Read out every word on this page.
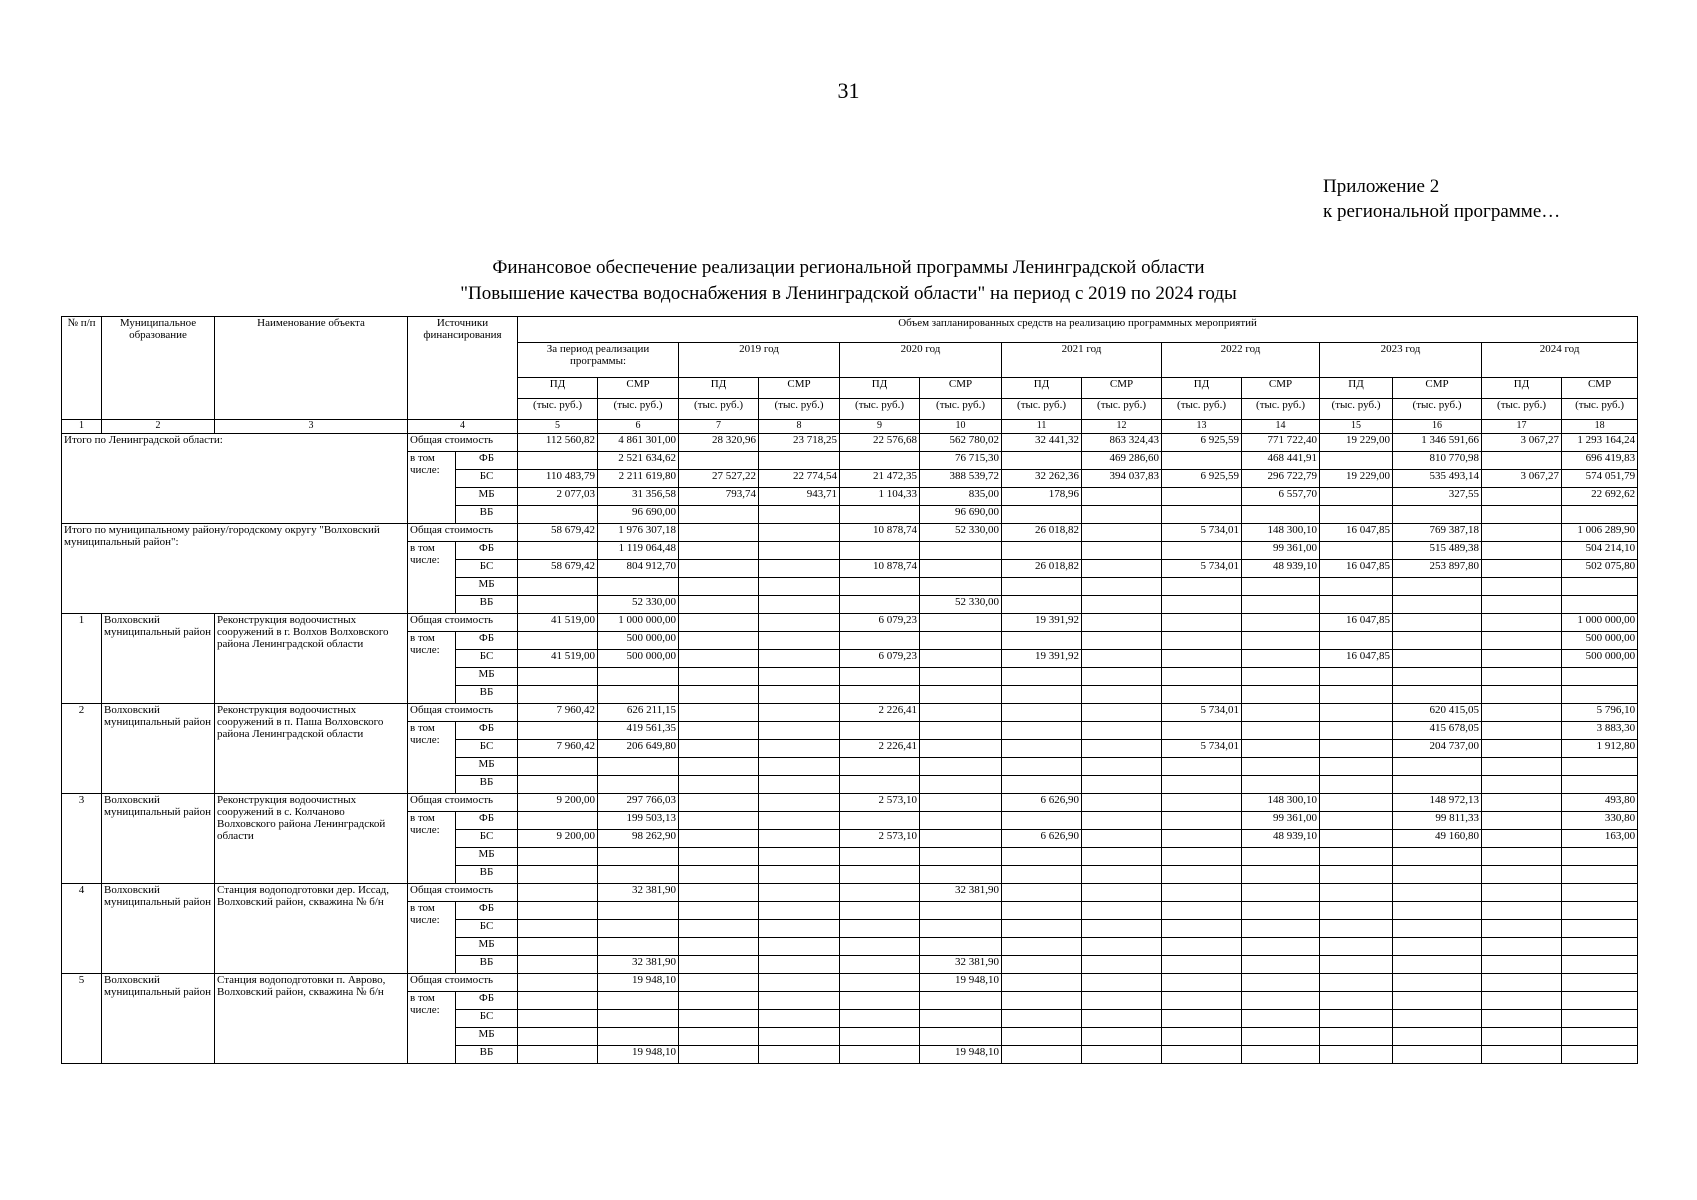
31
Приложение 2
к региональной программе…
Финансовое обеспечение реализации региональной программы Ленинградской области
"Повышение качества водоснабжения в Ленинградской области" на период с 2019 по 2024 годы
№ п/п	Муниципальное образование	Наименование объекта	Источники финансирования		Объем запланированных средств на реализацию программных мероприятий													
					За период реализации программы:		2019 год		2020 год		2021 год		2022 год		2023 год		2024 год	
					ПД	СМР	ПД	СМР	ПД	СМР	ПД	СМР	ПД	СМР	ПД	СМР	ПД	СМР
					(тыс. руб.)	(тыс. руб.)	(тыс. руб.)	(тыс. руб.)	(тыс. руб.)	(тыс. руб.)	(тыс. руб.)	(тыс. руб.)	(тыс. руб.)	(тыс. руб.)	(тыс. руб.)	(тыс. руб.)	(тыс. руб.)	(тыс. руб.)
1	2	3	4		5	6	7	8	9	10	11	12	13	14	15	16	17	18
Итого по Ленинградской области:			Общая стоимость		112 560,82	4 861 301,00	28 320,96	23 718,25	22 576,68	562 780,02	32 441,32	863 324,43	6 925,59	771 722,40	19 229,00	1 346 591,66	3 067,27	1 293 164,24
			в том числе:	ФБ		2 521 634,62				76 715,30		469 286,60		468 441,91		810 770,98		696 419,83
				БС	110 483,79	2 211 619,80	27 527,22	22 774,54	21 472,35	388 539,72	32 262,36	394 037,83	6 925,59	296 722,79	19 229,00	535 493,14	3 067,27	574 051,79
				МБ	2 077,03	31 356,58	793,74	943,71	1 104,33	835,00	178,96			6 557,70		327,55		22 692,62
				ВБ		96 690,00				96 690,00								
Итого по муниципальному району/городскому округу "Волховский муниципальный район":			Общая стоимость		58 679,42	1 976 307,18			10 878,74	52 330,00	26 018,82		5 734,01	148 300,10	16 047,85	769 387,18		1 006 289,90
			в том числе:	ФБ		1 119 064,48								99 361,00		515 489,38		504 214,10
				БС	58 679,42	804 912,70			10 878,74		26 018,82		5 734,01	48 939,10	16 047,85	253 897,80		502 075,80
				МБ														
				ВБ		52 330,00				52 330,00								
1	Волховский муниципальный район	Реконструкция водоочистных сооружений в г. Волхов Волховского района Ленинградской области	Общая стоимость		41 519,00	1 000 000,00			6 079,23		19 391,92				16 047,85			1 000 000,00
			в том числе:	ФБ		500 000,00												500 000,00
				БС	41 519,00	500 000,00			6 079,23		19 391,92				16 047,85			500 000,00
				МБ														
				ВБ														
2	Волховский муниципальный район	Реконструкция водоочистных сооружений в п. Паша Волховского района Ленинградской области	Общая стоимость		7 960,42	626 211,15			2 226,41				5 734,01			620 415,05		5 796,10
			в том числе:	ФБ		419 561,35										415 678,05		3 883,30
				БС	7 960,42	206 649,80			2 226,41				5 734,01			204 737,00		1 912,80
				МБ														
				ВБ														
3	Волховский муниципальный район	Реконструкция водоочистных сооружений в с. Колчаново Волховского района Ленинградской области	Общая стоимость		9 200,00	297 766,03			2 573,10		6 626,90			148 300,10		148 972,13		493,80
			в том числе:	ФБ		199 503,13								99 361,00		99 811,33		330,80
				БС	9 200,00	98 262,90			2 573,10		6 626,90			48 939,10		49 160,80		163,00
				МБ														
				ВБ														
4	Волховский муниципальный район	Станция водоподготовки дер. Иссад, Волховский район, скважина № б/н	Общая стоимость			32 381,90				32 381,90								
			в том числе:	ФБ														
				БС														
				МБ														
				ВБ		32 381,90				32 381,90								
5	Волховский муниципальный район	Станция водоподготовки п. Аврово, Волховский район, скважина № б/н	Общая стоимость			19 948,10				19 948,10								
			в том числе:	ФБ														
				БС														
				МБ														
				ВБ		19 948,10				19 948,10								
